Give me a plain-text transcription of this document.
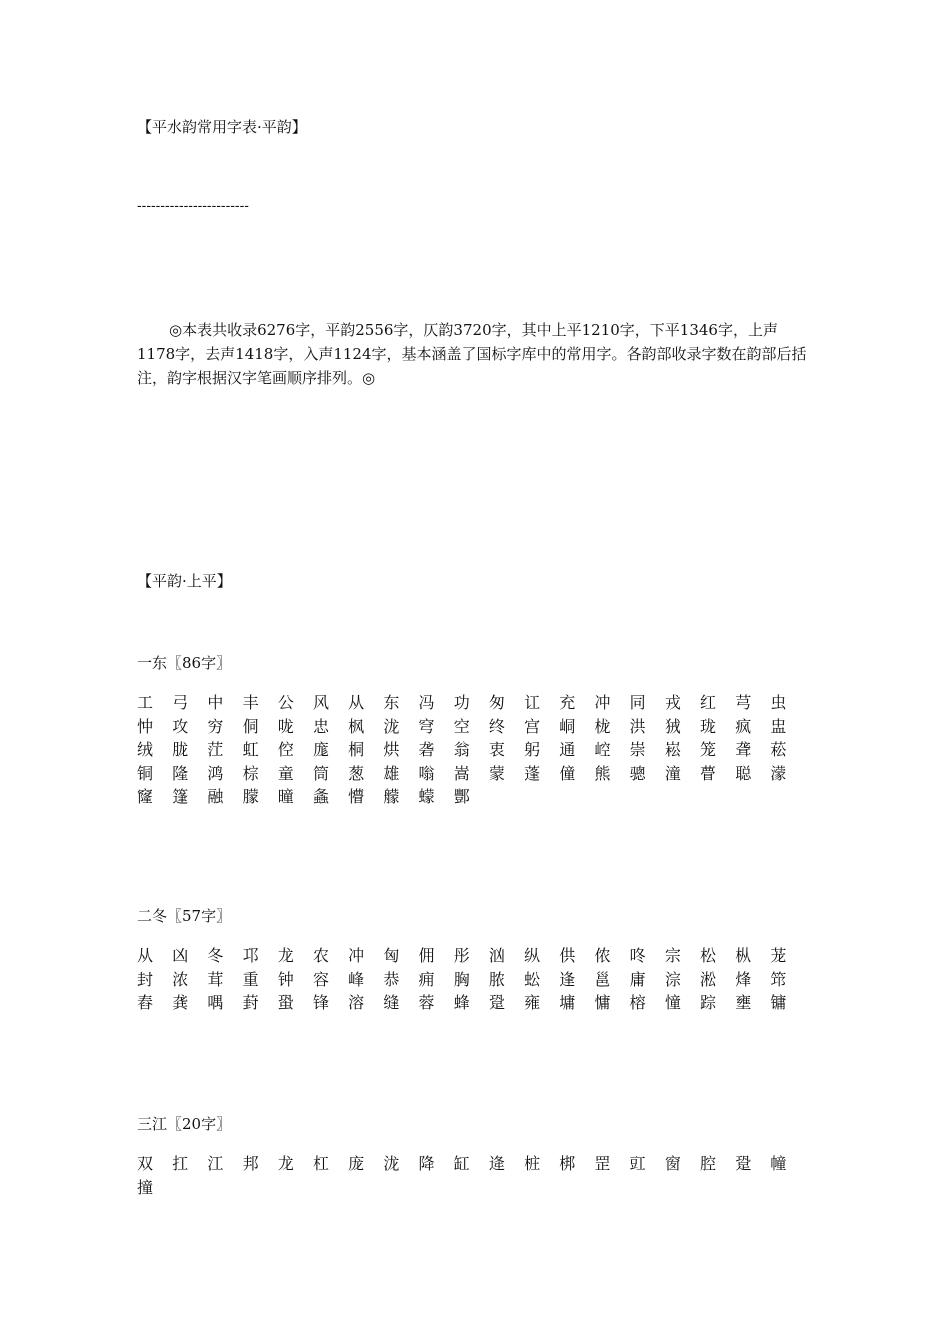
【平水韵常用字表·平韵】
------------------------
◎本表共收录6276字，平韵2556字，仄韵3720字，其中上平1210字，下平1346字，上声1178字，去声1418字，入声1124字，基本涵盖了国标字库中的常用字。各韵部收录字数在韵部后括注，韵字根据汉字笔画顺序排列。◎
【平韵·上平】
一东〖86字〗
工	弓	中	丰	公	风	从	东	冯	功	匆	讧	充	冲	同	戎	红	芎	虫
忡	攻	穷	侗	咙	忠	枫	泷	穹	空	终	宫	峒	栊	洪	狨	珑	疯	盅
绒	胧	茳	虹	倥	庬	桐	烘	砻	翁	衷	躬	通	崆	崇	崧	笼	聋	菘
铜	隆	鸿	棕	童	筒	葱	雄	嗡	嵩	蒙	蓬	僮	熊	骢	潼	瞢	聪	濛
窿	篷	融	朦	曈	螽	懵	艨	蠓	酆
二冬〖57字〗
从	凶	冬	邛	龙	农	冲	匈	佣	彤	汹	纵	供	侬	咚	宗	松	枞	茏
封	浓	茸	重	钟	容	峰	恭	痈	胸	脓	蚣	逢	邕	庸	淙	淞	烽	筇
舂	龚	喁	葑	蛩	锋	溶	缝	蓉	蜂	跫	雍	墉	慵	榕	憧	踪	壅	镛
三江〖20字〗
双	扛	江	邦	龙	杠	庞	泷	降	缸	逄	桩	梆	罡	豇	窗	腔	跫	幢
撞
